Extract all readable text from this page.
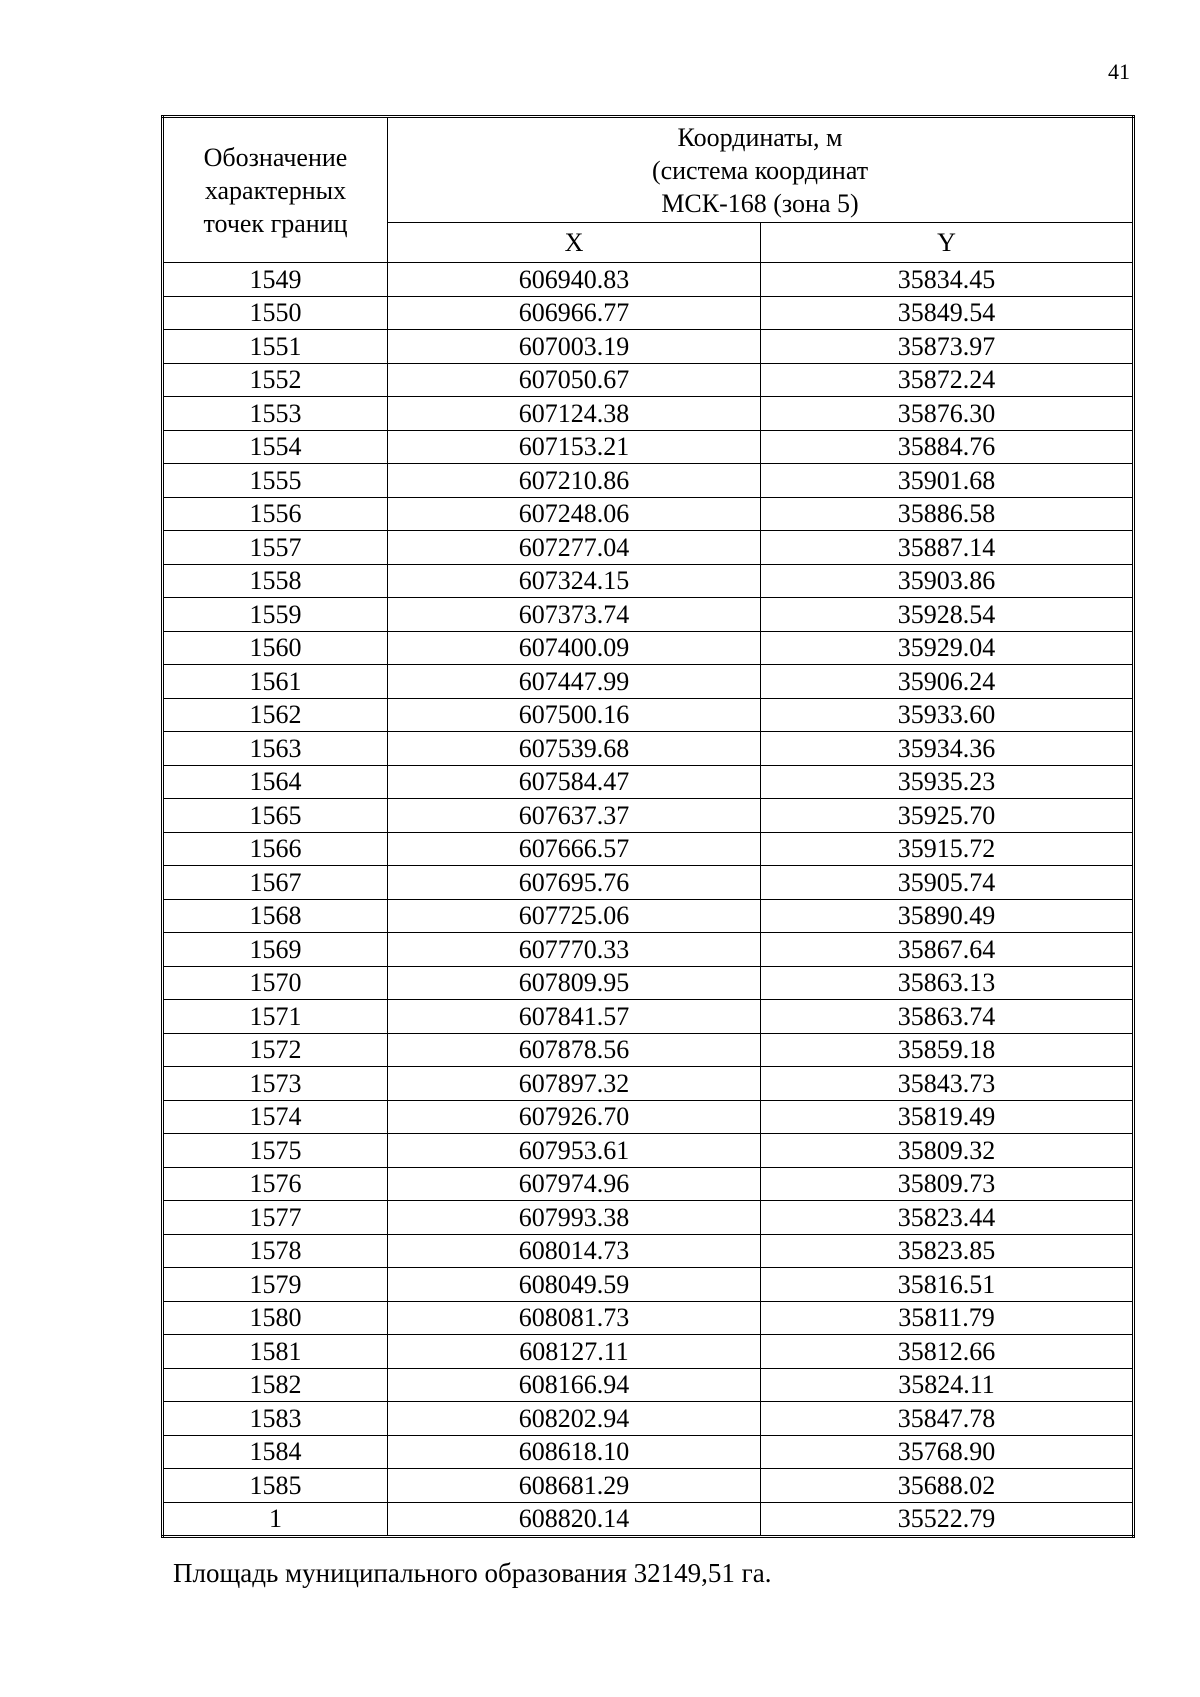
41
Обозначение
характерных
точек границ	Координаты, м
(система координат
МСК-168 (зона 5)	

	X	Y
1549	606940.83	35834.45
1550	606966.77	35849.54
1551	607003.19	35873.97
1552	607050.67	35872.24
1553	607124.38	35876.30
1554	607153.21	35884.76
1555	607210.86	35901.68
1556	607248.06	35886.58
1557	607277.04	35887.14
1558	607324.15	35903.86
1559	607373.74	35928.54
1560	607400.09	35929.04
1561	607447.99	35906.24
1562	607500.16	35933.60
1563	607539.68	35934.36
1564	607584.47	35935.23
1565	607637.37	35925.70
1566	607666.57	35915.72
1567	607695.76	35905.74
1568	607725.06	35890.49
1569	607770.33	35867.64
1570	607809.95	35863.13
1571	607841.57	35863.74
1572	607878.56	35859.18
1573	607897.32	35843.73
1574	607926.70	35819.49
1575	607953.61	35809.32
1576	607974.96	35809.73
1577	607993.38	35823.44
1578	608014.73	35823.85
1579	608049.59	35816.51
1580	608081.73	35811.79
1581	608127.11	35812.66
1582	608166.94	35824.11
1583	608202.94	35847.78
1584	608618.10	35768.90
1585	608681.29	35688.02
1	608820.14	35522.79
Площадь муниципального образования 32149,51 га.
